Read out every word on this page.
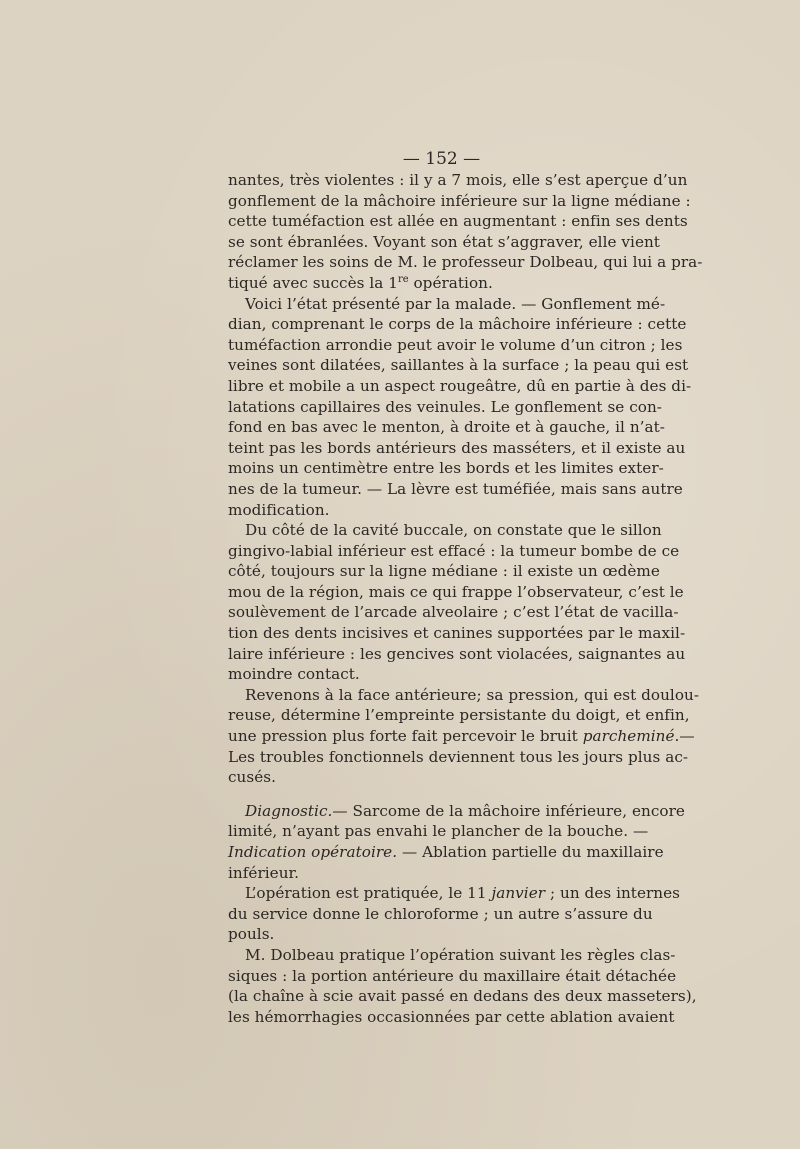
— 152 —
nantes, très violentes : il y a 7 mois, elle s’est aperçue d’un
gonflement de la mâchoire inférieure sur la ligne médiane :
cette tuméfaction est allée en augmentant : enfin ses dents
se sont ébranlées. Voyant son état s’aggraver, elle vient
réclamer les soins de M. le professeur Dolbeau, qui lui a pra-
tiqué avec succès la 1re opération.
Voici l’état présenté par la malade. — Gonflement mé-
dian, comprenant le corps de la mâchoire inférieure : cette
tuméfaction arrondie peut avoir le volume d’un citron ; les
veines sont dilatées, saillantes à la surface ; la peau qui est
libre et mobile a un aspect rougeâtre, dû en partie à des di-
latations capillaires des veinules. Le gonflement se con-
fond en bas avec le menton, à droite et à gauche, il n’at-
teint pas les bords antérieurs des masséters, et il existe au
moins un centimètre entre les bords et les limites exter-
nes de la tumeur. — La lèvre est tuméfiée, mais sans autre
modification.
Du côté de la cavité buccale, on constate que le sillon
gingivo-labial inférieur est effacé : la tumeur bombe de ce
côté, toujours sur la ligne médiane : il existe un œdème
mou de la région, mais ce qui frappe l’observateur, c’est le
soulèvement de l’arcade alveolaire ; c’est l’état de vacilla-
tion des dents incisives et canines supportées par le maxil-
laire inférieure : les gencives sont violacées, saignantes au
moindre contact.
Revenons à la face antérieure; sa pression, qui est doulou-
reuse, détermine l’empreinte persistante du doigt, et enfin,
une pression plus forte fait percevoir le bruit parcheminé.—
Les troubles fonctionnels deviennent tous les jours plus ac-
cusés.
Diagnostic.— Sarcome de la mâchoire inférieure, encore
limité, n’ayant pas envahi le plancher de la bouche. —
Indication opératoire. — Ablation partielle du maxillaire
inférieur.
L’opération est pratiquée, le 11 janvier ; un des internes
du service donne le chloroforme ; un autre s’assure du
pouls.
M. Dolbeau pratique l’opération suivant les règles clas-
siques : la portion antérieure du maxillaire était détachée
(la chaîne à scie avait passé en dedans des deux masseters),
les hémorrhagies occasionnées par cette ablation avaient
